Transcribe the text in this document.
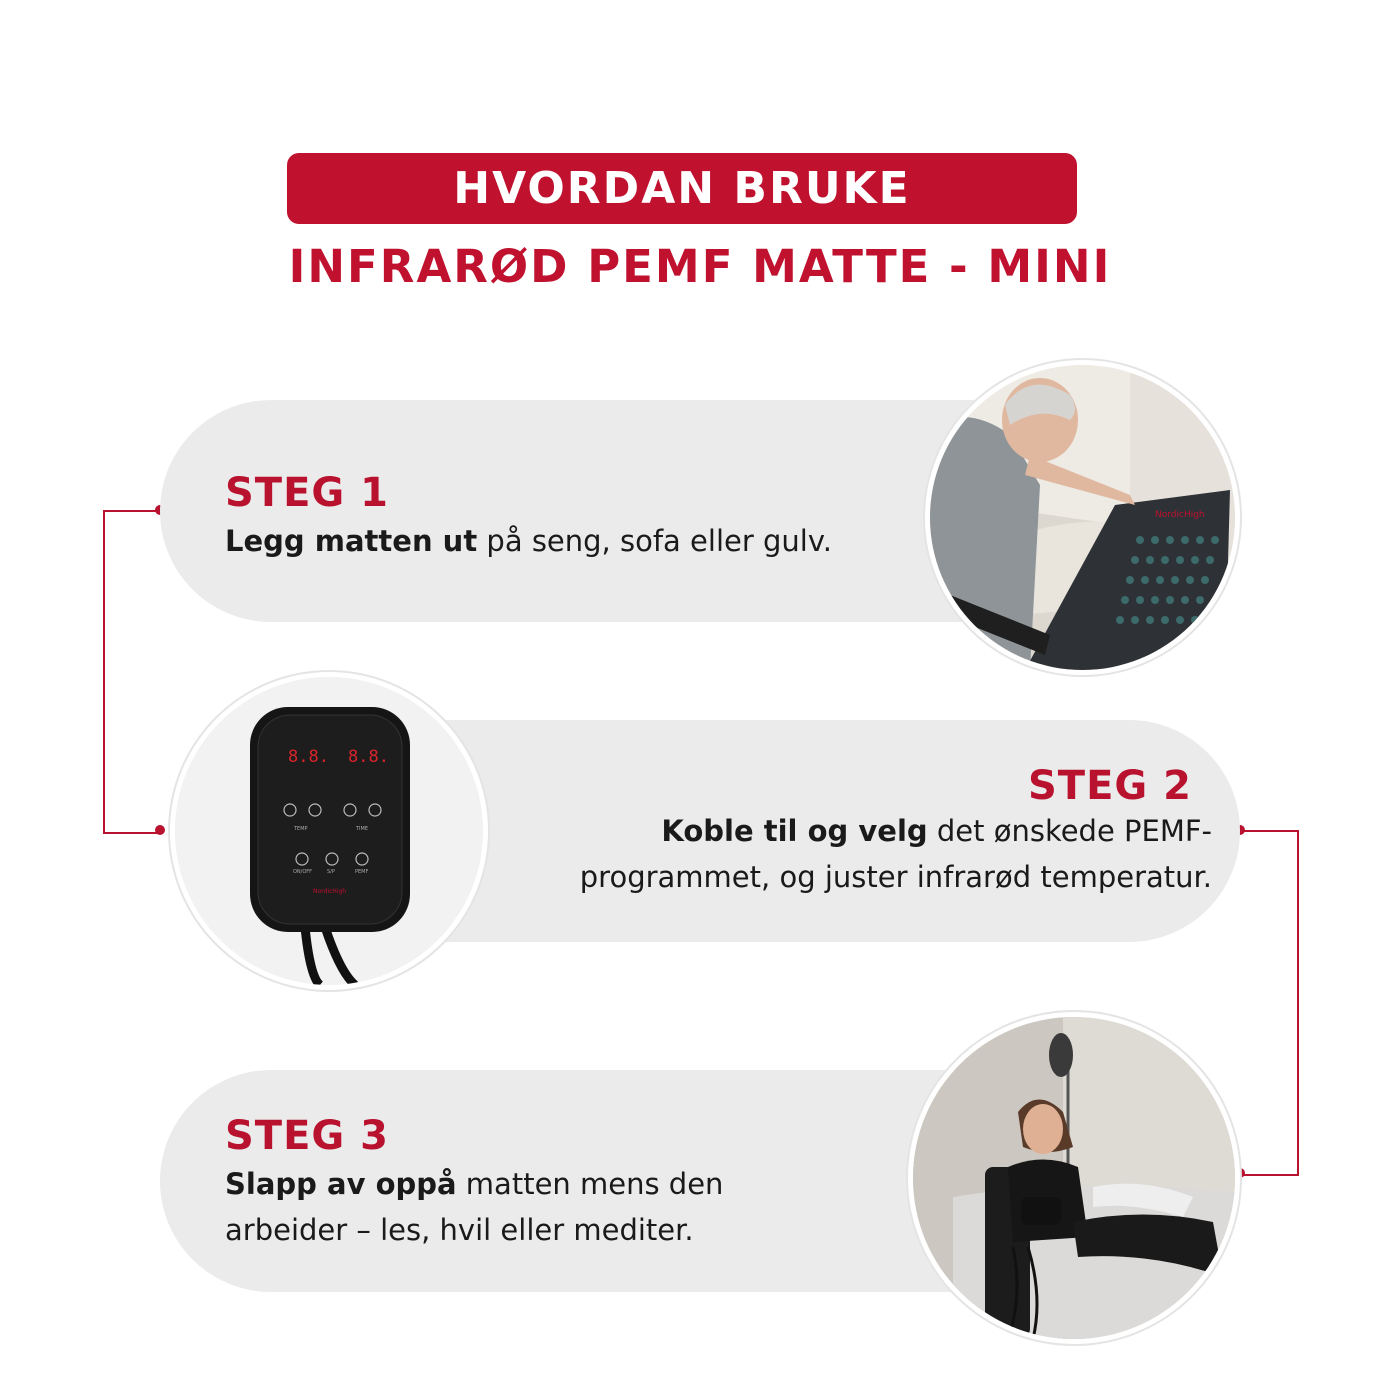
HVORDAN BRUKE
INFRARØD PEMF MATTE - MINI
STEG 1
Legg matten ut på seng, sofa eller gulv.
NordicHigh
STEG 2
Koble til og velg det ønskede PEMF-
programmet, og juster infrarød temperatur.
8.8. 8.8.
TEMP	TIME
ON/OFF	S/P	PEMF
NordicHigh
STEG 3
Slapp av oppå matten mens den
arbeider – les, hvil eller mediter.
